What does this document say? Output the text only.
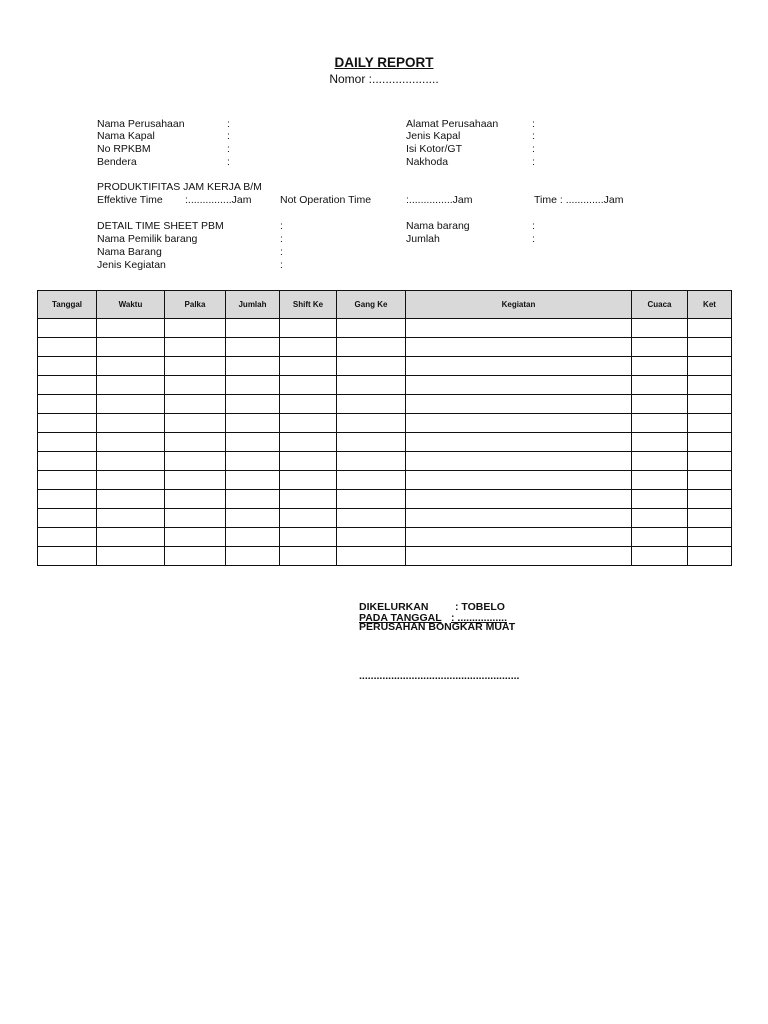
DAILY REPORT
Nomor :....................
Nama Perusahaan	:
Nama Kapal	:
No RPKBM	:
Bendera	:
Alamat Perusahaan	:
Jenis Kapal	:
Isi Kotor/GT	:
Nakhoda	:
PRODUKTIFITAS JAM KERJA B/M
Effektive Time :...............Jam	Not Operation Time	:...............Jam	Time : .............Jam
DETAIL TIME SHEET PBM	:
Nama Pemilik barang	:
Nama Barang	:
Jenis Kegiatan	:
Nama barang	:
Jumlah	:
Tanggal	Waktu	Palka	Jumlah	Shift Ke	Gang Ke	Kegiatan	Cuaca	Ket

DIKELURKAN	: TOBELO
PADA TANGGAL : .................
PERUSAHAN BONGKAR MUAT
.......................................................
